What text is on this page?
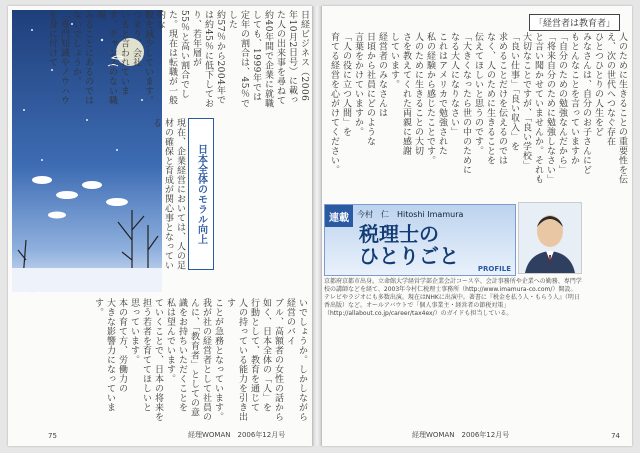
イラスト：太田　均
日経ビジネス（2006年10月2日号）に載った人の出来事を尋ねて
約40年間で企業に就職しても、1999年では定年の割合は、45％でした
約57％から2004年では約45％に低下しており、若年層が
55％と高い割合でした。現在は転職が一般的な
数を減少しています。つまり、会社
いると言われています。チャンスのない職場
みることにあるのではないでしょうか。
「専門知識やノウハウを身に付けて
日本全体のモラル向上
現在、企業経営においては、人の足
材の確保と育成が関心事となっている
いでしょうか。しかしながら経営のバイ
ブル、高額者の女性の話から
如く、日本全体の「人」を
行動として、教育を通じて
人の持っている能力を引き出す
ことが急務となっています。
我が社の経営者として社員の
んに、「教育者」としての意
識をお持ちいただくことを
私は望んでいます。
ていくことで、日本の将来を
担う若者を育ててほしいと
思っています。
本の育て方、労働力の
大きな影響力になっています。
75	経理WOMAN　2006年12月号
「経営者は教育者」
人のために生きることの重要性を伝
え、次の世代へつなぐ存在
ひとつひとりの人生をど
みなさんは、自分のお子さんにど
もとんなことを言っていますか
「自分のための勉強なんだから」
「将来自分のために勉強しなさい」
と言い聞かせていませんか。それも
大切なことですが、「良い学校」
「良い仕事」「良い収入」を
求めることだけを伝えるのでは
なく、人のために生きることを
伝えてほしいと思うのです。
「大きくなったら世の中のために
なる大人になりなさい」
これはアメリカで勉強された
私の経験から感じたことです。
人のために生きることの大切
さを教えてくれた両親に感謝
しています。
経営者のみなさんは
日頃から社員にどのような
言葉をかけていますか。
「人の役に立つ人間」を
育てる経営を心がけてください。
連載	今村　仁　Hitoshi Imamura
税理士の
ひとりごと
PROFILE
京都府京都市出身。立命館大学経営学部企業会計コース卒、会計事務所や企業への勤務、専門学校の講師などを経て、2003年今村仁税理士事務所（http://www.imamura-co.com/）開設。テレビやラジオにも多数出演。現在はNHKに出演中。著書に『税金を払う人・もらう人』（明日香出版）など。オールアバウトで「個人事業主・経営者の節税対策」（http://allabout.co.jp/career/tax4ex/）のガイドも担当している。
経理WOMAN　2006年12月号	74
